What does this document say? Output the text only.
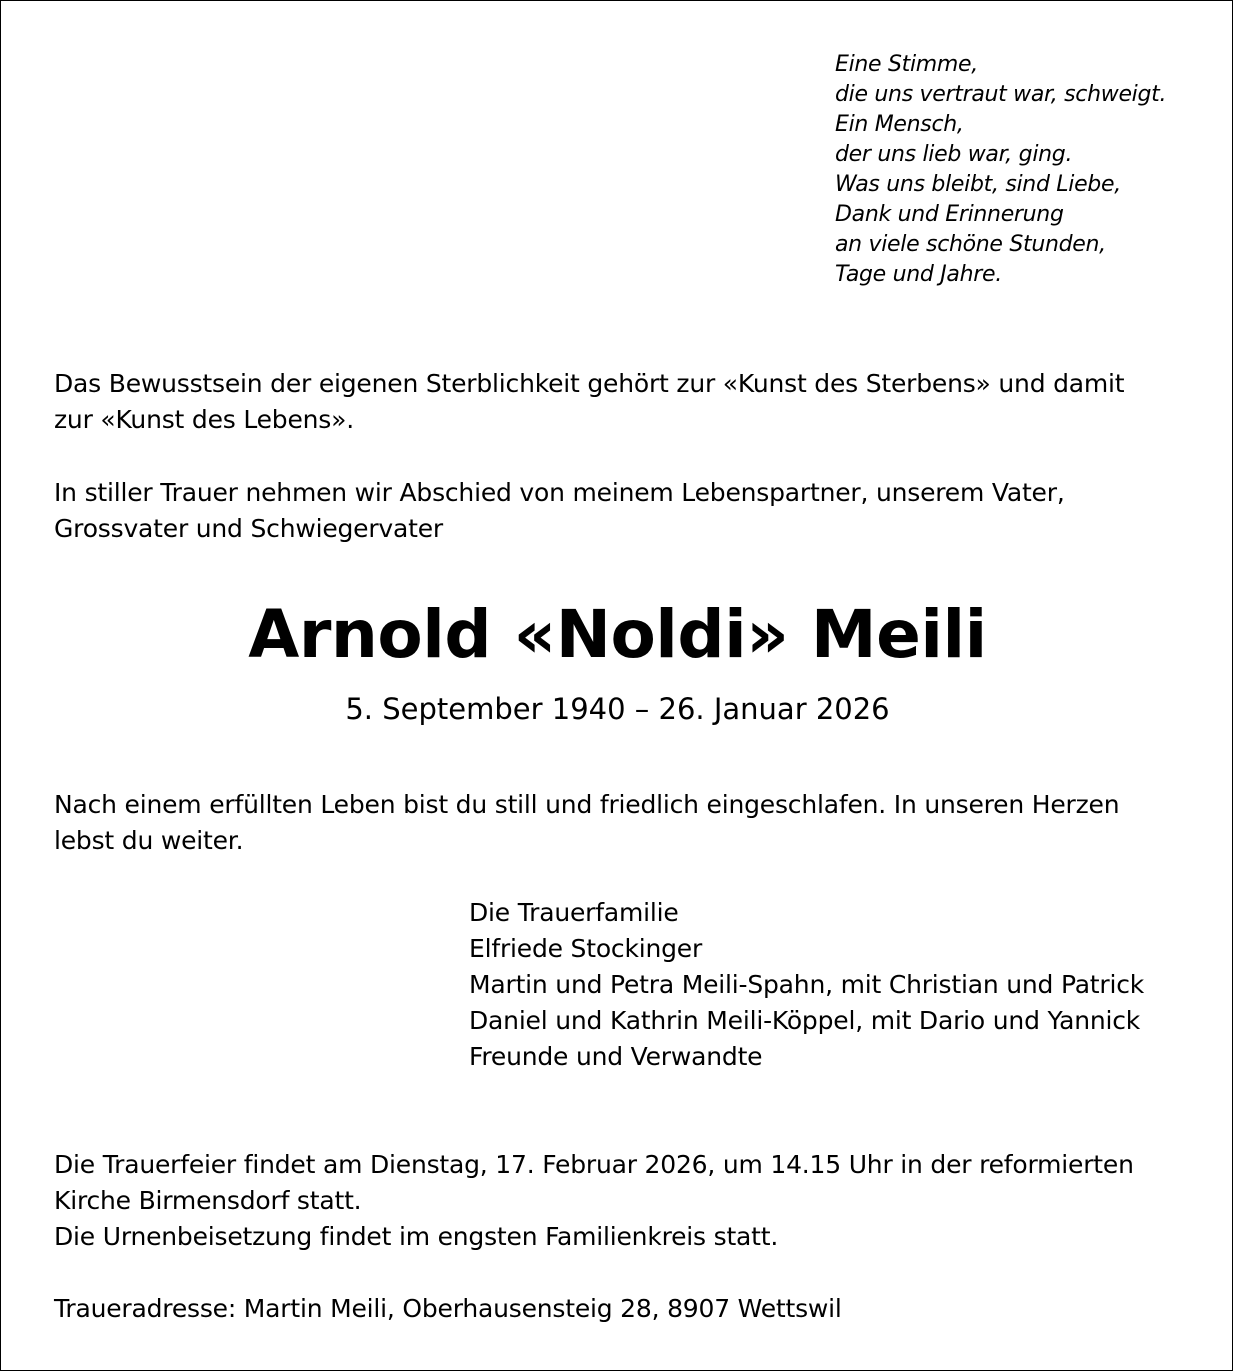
Eine Stimme,
die uns vertraut war, schweigt.
Ein Mensch,
der uns lieb war, ging.
Was uns bleibt, sind Liebe,
Dank und Erinnerung
an viele schöne Stunden,
Tage und Jahre.
Das Bewusstsein der eigenen Sterblichkeit gehört zur «Kunst des Sterbens» und damit
zur «Kunst des Lebens».
In stiller Trauer nehmen wir Abschied von meinem Lebenspartner, unserem Vater,
Grossvater und Schwiegervater
Arnold «Noldi» Meili
5. September 1940 – 26. Januar 2026
Nach einem erfüllten Leben bist du still und friedlich eingeschlafen. In unseren Herzen
lebst du weiter.
Die Trauerfamilie
Elfriede Stockinger
Martin und Petra Meili-Spahn, mit Christian und Patrick
Daniel und Kathrin Meili-Köppel, mit Dario und Yannick
Freunde und Verwandte
Die Trauerfeier findet am Dienstag, 17. Februar 2026, um 14.15 Uhr in der reformierten
Kirche Birmensdorf statt.
Die Urnenbeisetzung findet im engsten Familienkreis statt.
Traueradresse: Martin Meili, Oberhausensteig 28, 8907 Wettswil
